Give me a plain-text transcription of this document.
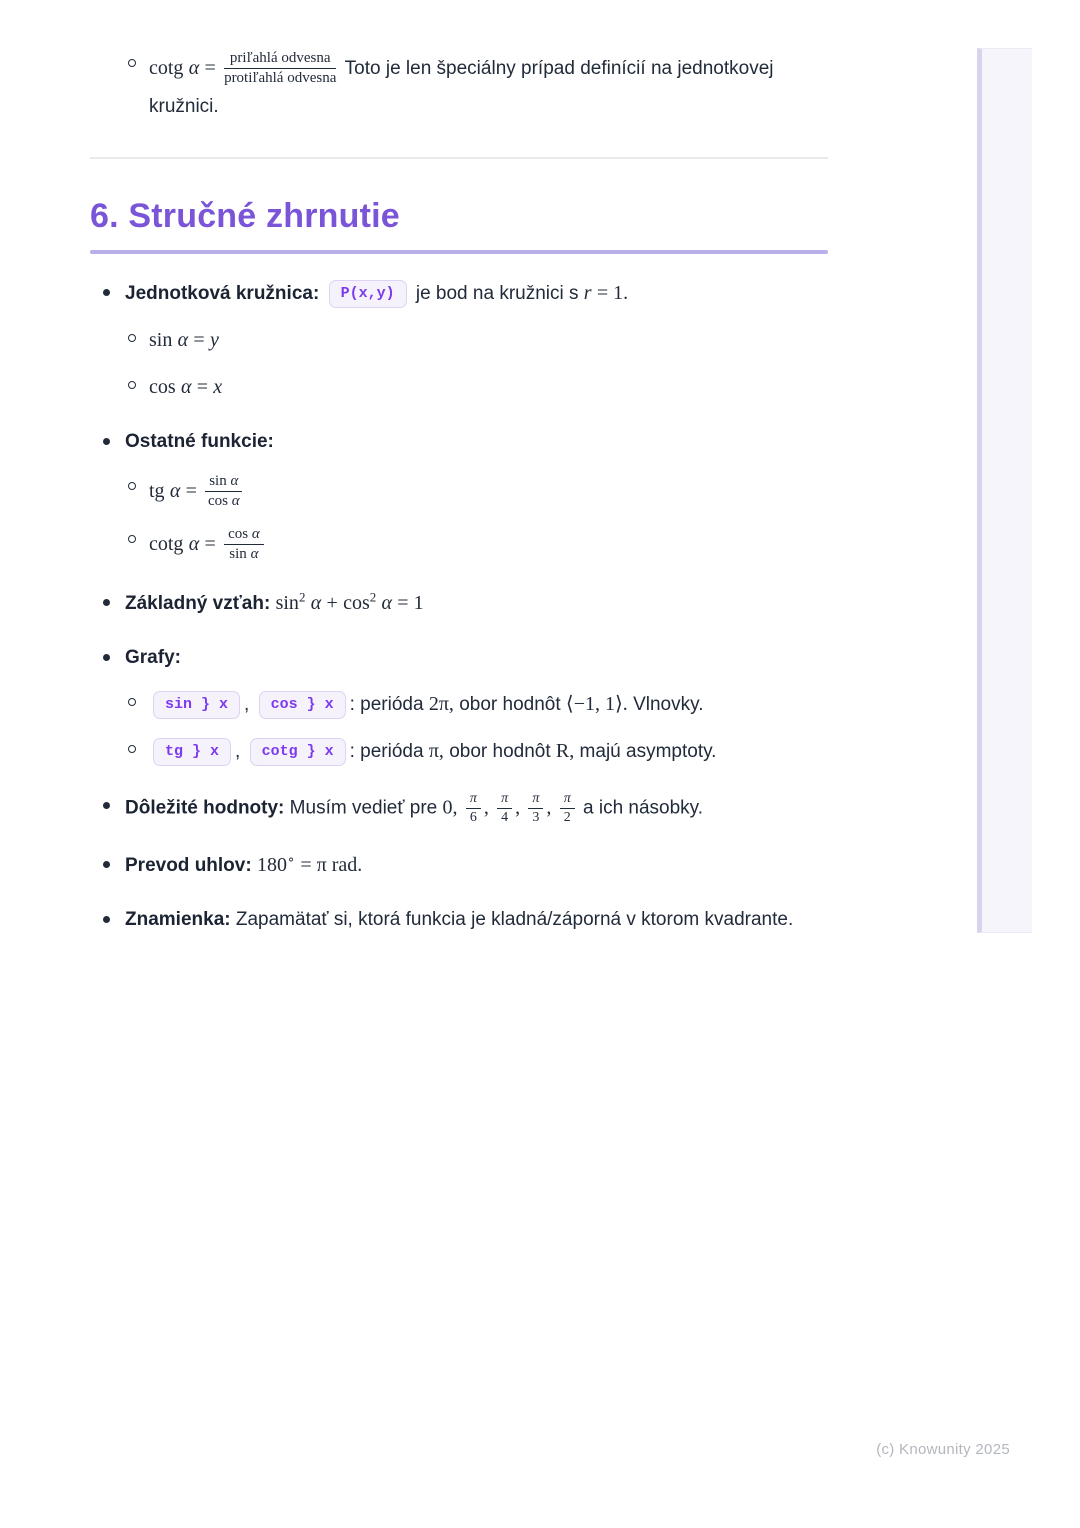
cotg $\alpha = \frac{\text{priľahlá odvesna}}{\text{protiľahlá odvesna}}$ Toto je len špeciálny prípad definícií na jednotkovej kružnici.
6. Stručné zhrnutie
Jednotková kružnica: P(x,y) je bod na kružnici s r = 1.
sin α = y
cos α = x
Ostatné funkcie:
tg $\alpha = \frac{\text{sin α}}{\text{cos α}}$
cotg $\alpha = \frac{\text{cos α}}{\text{sin α}}$
Základný vzťah: $\sin^2 \alpha + \cos^2 \alpha = 1$
Grafy:
sin } x , cos } x : perióda 2π, obor hodnôt ⟨−1, 1⟩. Vlnovky.
tg } x , cotg } x : perióda π, obor hodnôt R, majú asymptoty.
Dôležité hodnoty: Musím vedieť pre 0, $\frac{\pi}{6}$ , $\frac{\pi}{4}$ , $\frac{\pi}{3}$ , $\frac{\pi}{2}$ a ich násobky.
Prevod uhlov: 180∘ = π rad.
Znamienka: Zapamätať si, ktorá funkcia je kladná/záporná v ktorom kvadrante.
(c) Knowunity 2025
